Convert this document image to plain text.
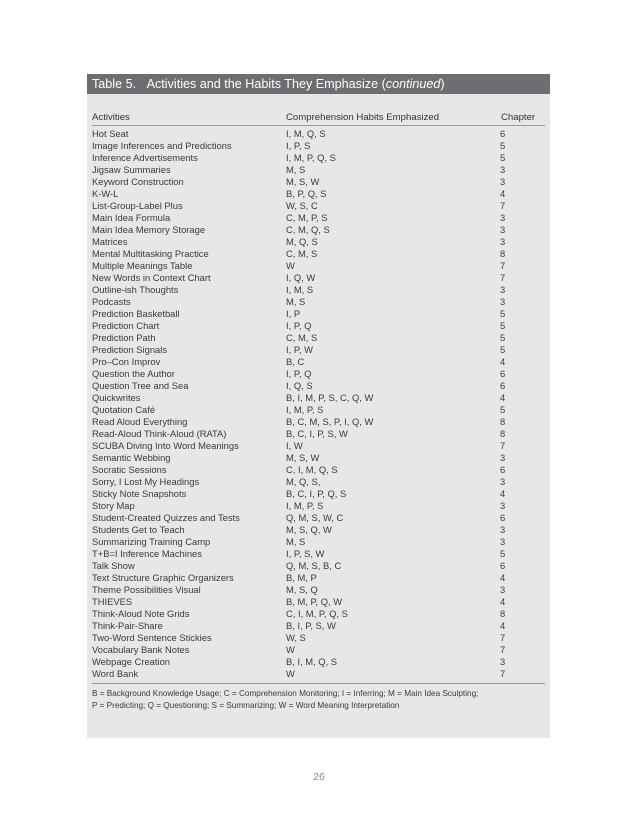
Table 5. Activities and the Habits They Emphasize (continued)
Activities	Comprehension Habits Emphasized	Chapter
Hot Seat	I, M, Q, S	6
Image Inferences and Predictions	I, P, S	5
Inference Advertisements	I, M, P, Q, S	5
Jigsaw Summaries	M, S	3
Keyword Construction	M, S, W	3
K-W-L	B, P, Q, S	4
List-Group-Label Plus	W, S, C	7
Main Idea Formula	C, M, P, S	3
Main Idea Memory Storage	C, M, Q, S	3
Matrices	M, Q, S	3
Mental Multitasking Practice	C, M, S	8
Multiple Meanings Table	W	7
New Words in Context Chart	I, Q, W	7
Outline-ish Thoughts	I, M, S	3
Podcasts	M, S	3
Prediction Basketball	I, P	5
Prediction Chart	I, P, Q	5
Prediction Path	C, M, S	5
Prediction Signals	I, P, W	5
Pro–Con Improv	B, C	4
Question the Author	I, P, Q	6
Question Tree and Sea	I, Q, S	6
Quickwrites	B, I, M, P, S, C, Q, W	4
Quotation Café	I, M, P, S	5
Read Aloud Everything	B, C, M, S, P, I, Q, W	8
Read-Aloud Think-Aloud (RATA)	B, C, I, P, S, W	8
SCUBA Diving Into Word Meanings	I, W	7
Semantic Webbing	M, S, W	3
Socratic Sessions	C, I, M, Q, S	6
Sorry, I Lost My Headings	M, Q, S,	3
Sticky Note Snapshots	B, C, I, P, Q, S	4
Story Map	I, M, P, S	3
Student-Created Quizzes and Tests	Q, M, S, W, C	6
Students Get to Teach	M, S, Q, W	3
Summarizing Training Camp	M, S	3
T+B=I Inference Machines	I, P, S, W	5
Talk Show	Q, M, S, B, C	6
Text Structure Graphic Organizers	B, M, P	4
Theme Possibilities Visual	M, S, Q	3
THIEVES	B, M, P, Q, W	4
Think-Aloud Note Grids	C, I, M, P, Q, S	8
Think-Pair-Share	B, I, P, S, W	4
Two-Word Sentence Stickies	W, S	7
Vocabulary Bank Notes	W	7
Webpage Creation	B, I, M, Q, S	3
Word Bank	W	7
B = Background Knowledge Usage; C = Comprehension Monitoring; I = Inferring; M = Main Idea Sculpting;
P = Predicting; Q = Questioning; S = Summarizing; W = Word Meaning Interpretation
26
